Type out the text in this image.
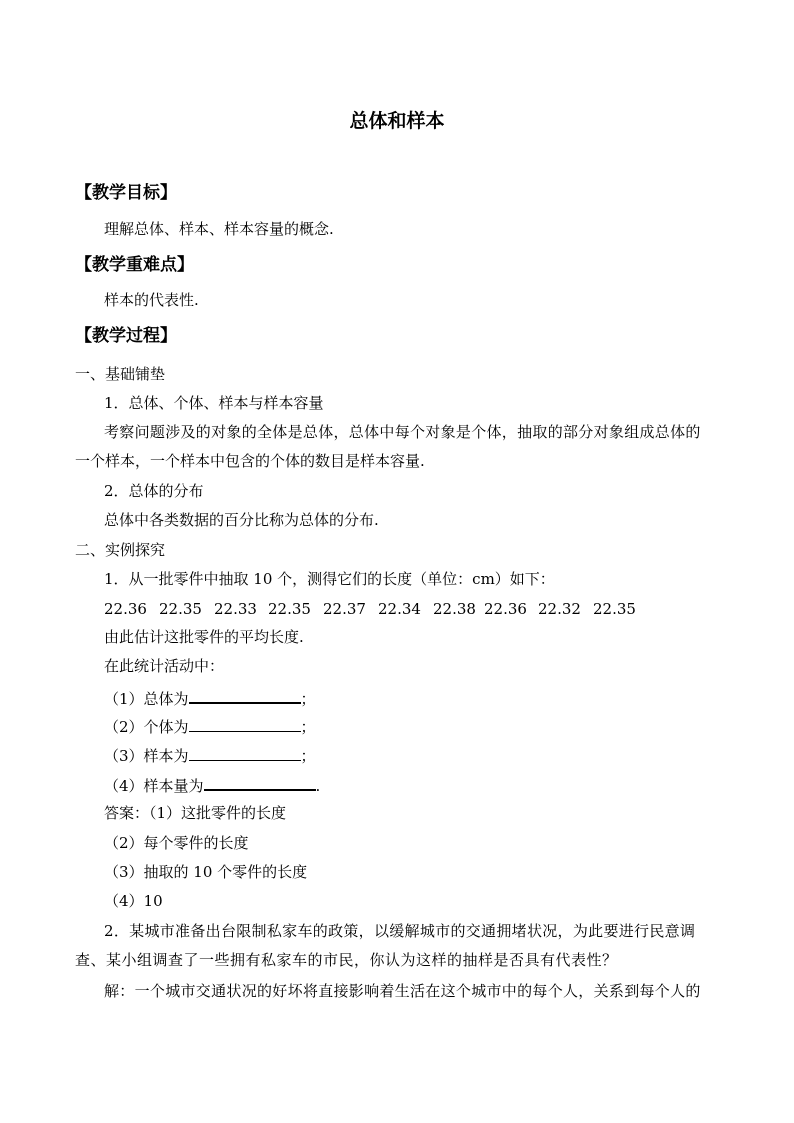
总体和样本
【教学目标】
理解总体、样本、样本容量的概念.
【教学重难点】
样本的代表性.
【教学过程】
一、基础铺垫
1．总体、个体、样本与样本容量
考察问题涉及的对象的全体是总体，总体中每个对象是个体，抽取的部分对象组成总体的
一个样本，一个样本中包含的个体的数目是样本容量.
2．总体的分布
总体中各类数据的百分比称为总体的分布.
二、实例探究
1．从一批零件中抽取 10 个，测得它们的长度（单位：cm）如下：
22.36 22.35 22.33 22.35 22.37 22.34 22.38 22.36 22.32 22.35
由此估计这批零件的平均长度.
在此统计活动中：
（1）总体为	；
（2）个体为	；
（3）样本为	；
（4）样本量为	.
答案：（1）这批零件的长度
（2）每个零件的长度
（3）抽取的 10 个零件的长度
（4）10
2．某城市准备出台限制私家车的政策，以缓解城市的交通拥堵状况，为此要进行民意调
查、某小组调查了一些拥有私家车的市民，你认为这样的抽样是否具有代表性？
解：一个城市交通状况的好坏将直接影响着生活在这个城市中的每个人，关系到每个人的
